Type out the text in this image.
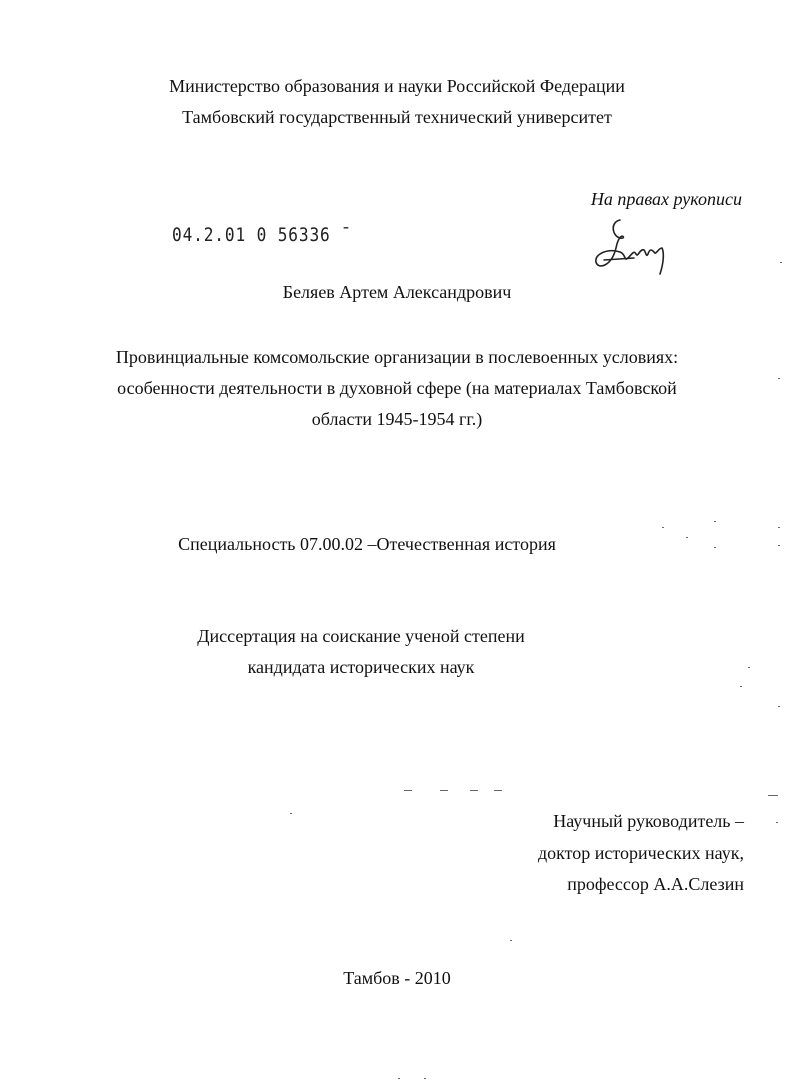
Министерство образования и науки Российской Федерации
Тамбовский государственный технический университет
На правах рукописи
04.2.01 0 56336 ¯
Беляев Артем Александрович
Провинциальные комсомольские организации в послевоенных условиях:
особенности деятельности в духовной сфере (на материалах Тамбовской
области 1945-1954 гг.)
Специальность 07.00.02 –Отечественная история
Диссертация на соискание ученой степени
кандидата исторических наук
Научный руководитель –
доктор исторических наук,
профессор А.А.Слезин
Тамбов - 2010
